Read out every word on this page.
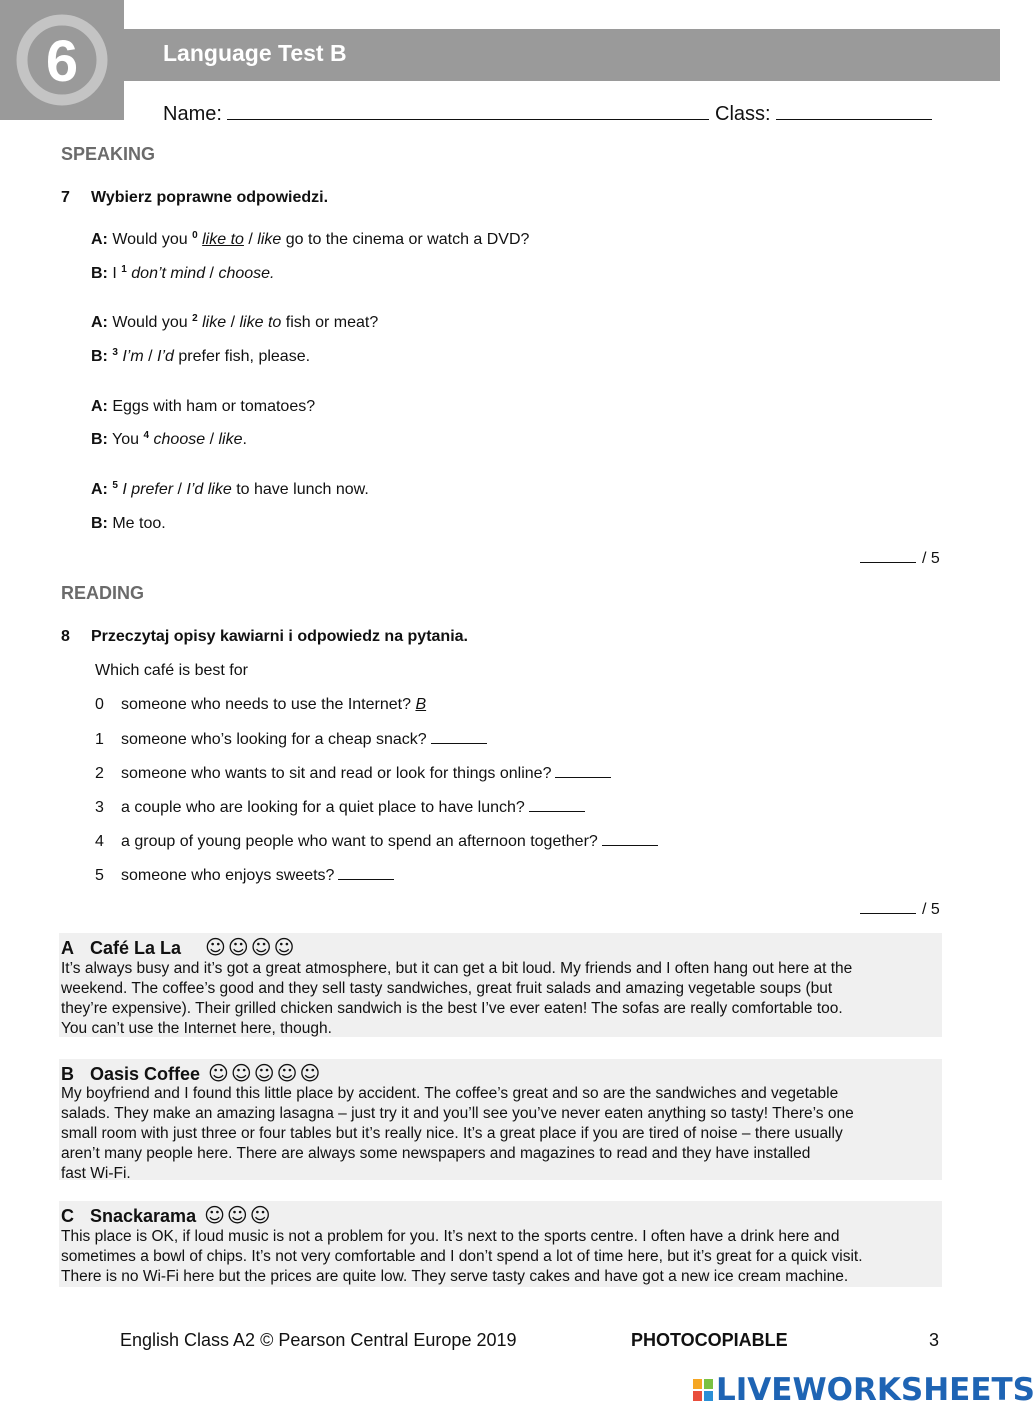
6	Language Test B
Name:	Class:
SPEAKING
7 Wybierz poprawne odpowiedzi.
A: Would you $^0$ like to / like go to the cinema or watch a DVD?
B: I $^1$ don’t mind / choose.
A: Would you $^2$ like / like to fish or meat?
B: $^3$ I’m / I’d prefer fish, please.
A: Eggs with ham or tomatoes?
B: You $^4$ choose / like.
A: $^5$ I prefer / I’d like to have lunch now.
B: Me too.
/ 5
READING
8 Przeczytaj opisy kawiarni i odpowiedz na pytania.
Which café is best for
0 someone who needs to use the Internet? B
1 someone who’s looking for a cheap snack?
2 someone who wants to sit and read or look for things online?
3 a couple who are looking for a quiet place to have lunch?
4 a group of young people who want to spend an afternoon together?
5 someone who enjoys sweets?
/ 5
A Café La La ☺☺☺☺
It’s always busy and it’s got a great atmosphere, but it can get a bit loud. My friends and I often hang out here at the
weekend. The coffee’s good and they sell tasty sandwiches, great fruit salads and amazing vegetable soups (but
they’re expensive). Their grilled chicken sandwich is the best I’ve ever eaten! The sofas are really comfortable too.
You can’t use the Internet here, though.
B Oasis Coffee ☺☺☺☺☺
My boyfriend and I found this little place by accident. The coffee’s great and so are the sandwiches and vegetable
salads. They make an amazing lasagna – just try it and you’ll see you’ve never eaten anything so tasty! There’s one
small room with just three or four tables but it’s really nice. It’s a great place if you are tired of noise – there usually
aren’t many people here. There are always some newspapers and magazines to read and they have installed
fast Wi-Fi.
C Snackarama ☺☺☺
This place is OK, if loud music is not a problem for you. It’s next to the sports centre. I often have a drink here and
sometimes a bowl of chips. It’s not very comfortable and I don’t spend a lot of time here, but it’s great for a quick visit.
There is no Wi-Fi here but the prices are quite low. They serve tasty cakes and have got a new ice cream machine.
English Class A2 © Pearson Central Europe 2019	PHOTOCOPIABLE	3
LIVEWORKSHEETS
